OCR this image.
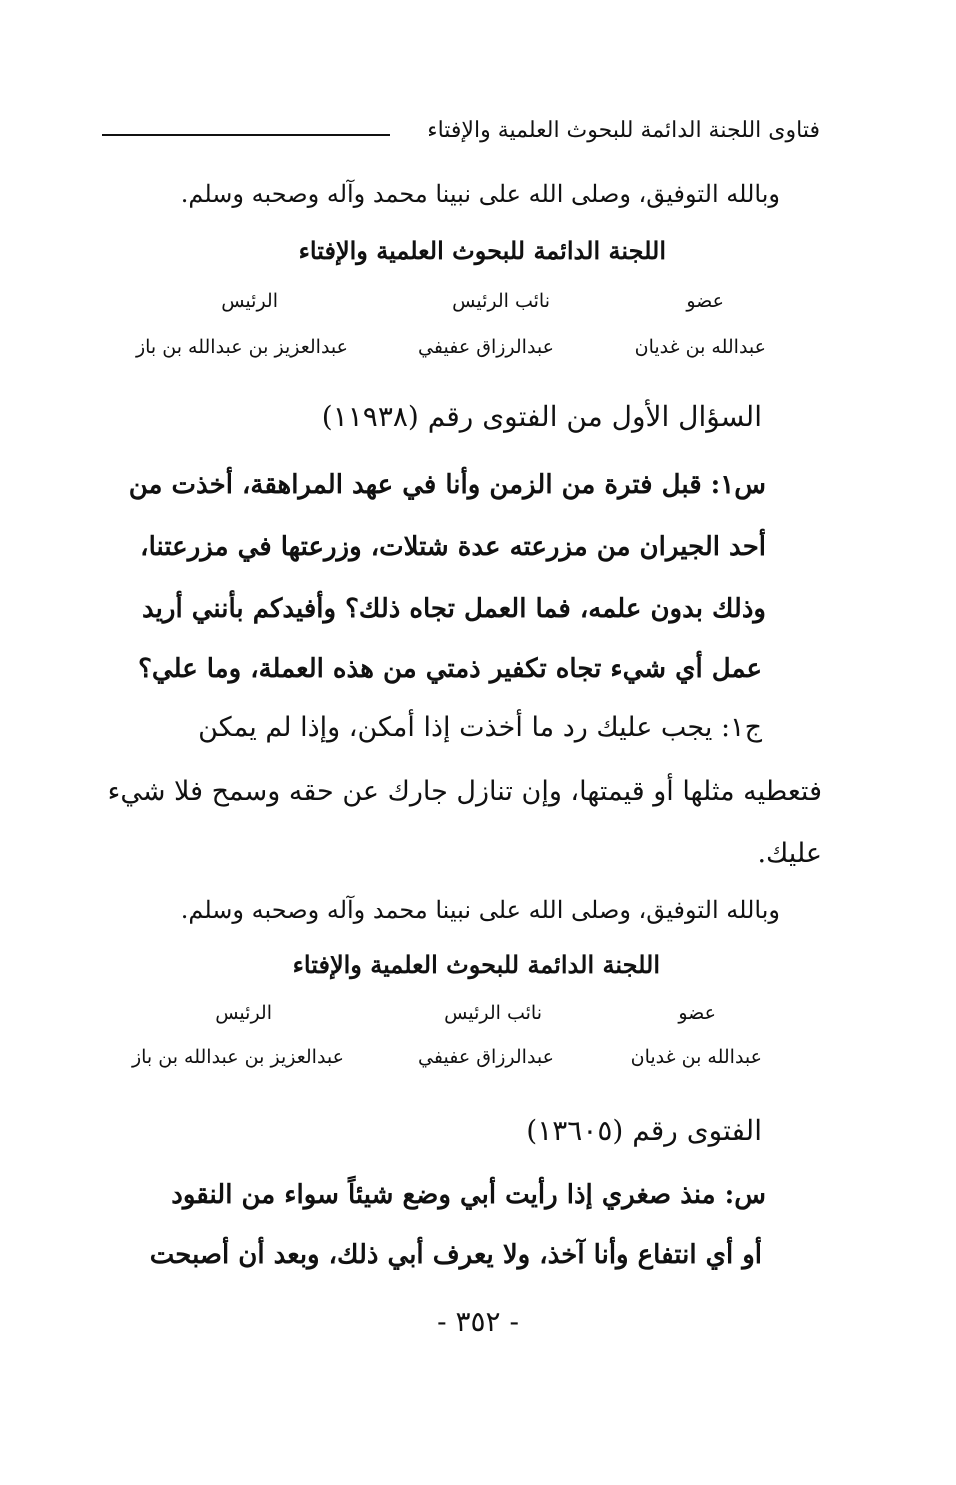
فتاوى اللجنة الدائمة للبحوث العلمية والإفتاء
وبالله التوفيق، وصلى الله على نبينا محمد وآله وصحبه وسلم.
اللجنة الدائمة للبحوث العلمية والإفتاء
عضو
نائب الرئيس
الرئيس
عبدالله بن غديان
عبدالرزاق عفيفي
عبدالعزيز بن عبدالله بن باز
السؤال الأول من الفتوى رقم (١١٩٣٨)
س١: قبل فترة من الزمن وأنا في عهد المراهقة، أخذت من
أحد الجيران من مزرعته عدة شتلات، وزرعتها في مزرعتنا،
وذلك بدون علمه، فما العمل تجاه ذلك؟ وأفيدكم بأنني أريد
عمل أي شيء تجاه تكفير ذمتي من هذه العملة، وما علي؟
ج١: يجب عليك رد ما أخذت إذا أمكن، وإذا لم يمكن
فتعطيه مثلها أو قيمتها، وإن تنازل جارك عن حقه وسمح فلا شيء
عليك.
وبالله التوفيق، وصلى الله على نبينا محمد وآله وصحبه وسلم.
اللجنة الدائمة للبحوث العلمية والإفتاء
عضو
نائب الرئيس
الرئيس
عبدالله بن غديان
عبدالرزاق عفيفي
عبدالعزيز بن عبدالله بن باز
الفتوى رقم (١٣٦٠٥)
س: منذ صغري إذا رأيت أبي وضع شيئاً سواء من النقود
أو أي انتفاع وأنا آخذ، ولا يعرف أبي ذلك، وبعد أن أصبحت
- ٣٥٢ -
